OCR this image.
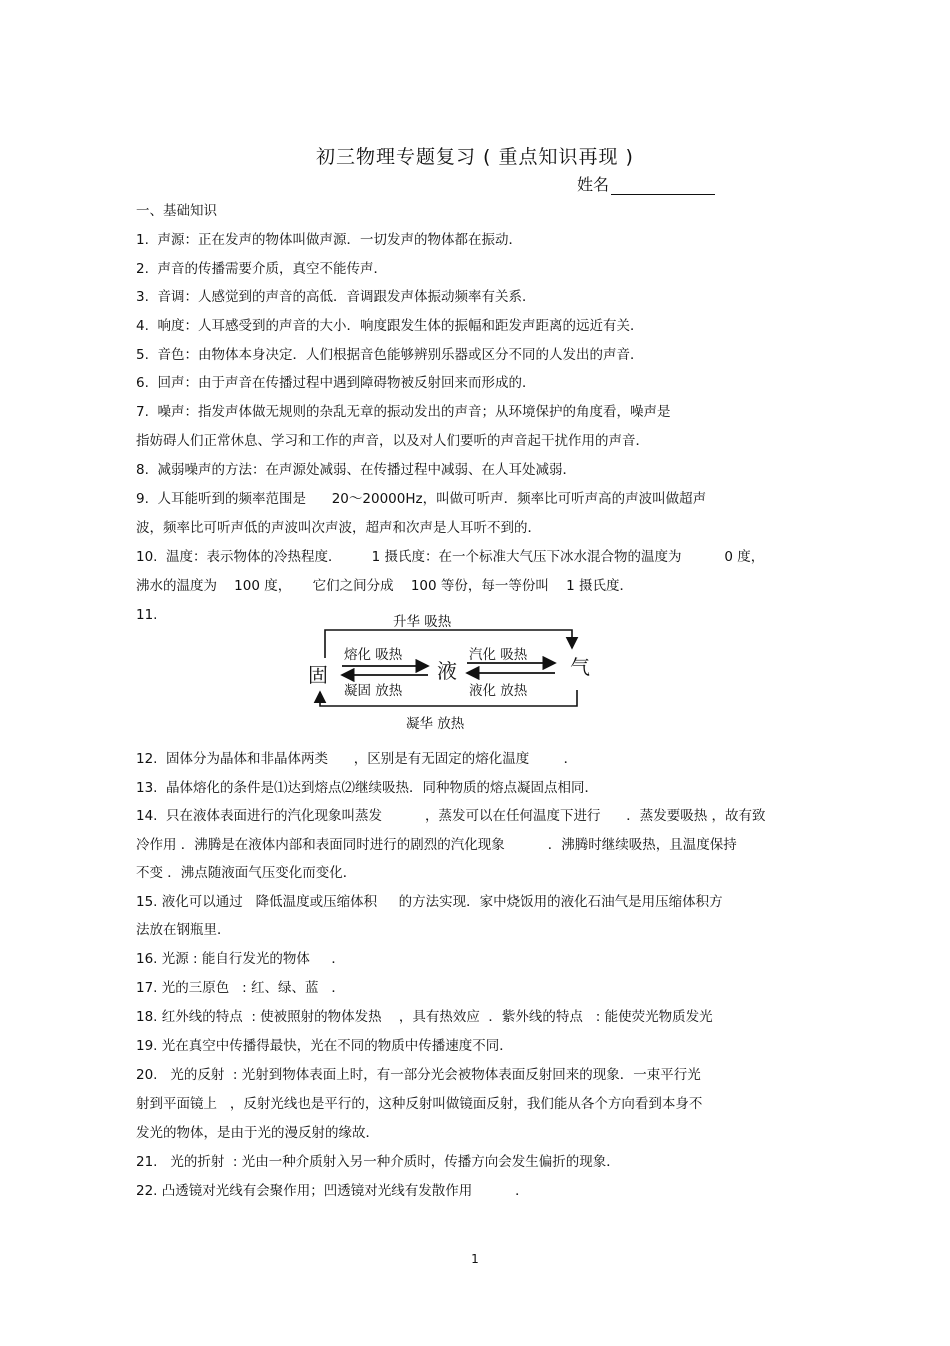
初三物理专题复习 ( 重点知识再现 )
姓名
一、基础知识
1.  声源：正在发声的物体叫做声源．一切发声的物体都在振动．
2.  声音的传播需要介质，真空不能传声．
3.  音调：人感觉到的声音的高低．音调跟发声体振动频率有关系．
4.  响度：人耳感受到的声音的大小．响度跟发生体的振幅和距发声距离的远近有关．
5.  音色：由物体本身决定．人们根据音色能够辨别乐器或区分不同的人发出的声音．
6.  回声：由于声音在传播过程中遇到障碍物被反射回来而形成的．
7.  噪声：指发声体做无规则的杂乱无章的振动发出的声音；从环境保护的角度看，噪声是
指妨碍人们正常休息、学习和工作的声音，以及对人们要听的声音起干扰作用的声音．
8.  减弱噪声的方法：在声源处减弱、在传播过程中减弱、在人耳处减弱．
9.  人耳能听到的频率范围是      20～20000Hz，叫做可听声．频率比可听声高的声波叫做超声
波，频率比可听声低的声波叫次声波，超声和次声是人耳听不到的．
10.  温度：表示物体的冷热程度．       1 摄氏度：在一个标准大气压下冰水混合物的温度为          0 度，
沸水的温度为    100 度，     它们之间分成    100 等份，每一等份叫    1 摄氏度．
11.	升华 吸热
凝华 放热
固	液	气
熔化 吸热
凝固 放热
汽化 吸热
液化 放热
12.  固体分为晶体和非晶体两类      ，区别是有无固定的熔化温度        ．
13.  晶体熔化的条件是⑴达到熔点⑵继续吸热．同种物质的熔点凝固点相同．
14.  只在液体表面进行的汽化现象叫蒸发          ，蒸发可以在任何温度下进行      ．蒸发要吸热 ，故有致
冷作用 ．沸腾是在液体内部和表面同时进行的剧烈的汽化现象          ．沸腾时继续吸热，且温度保持
不变 ．沸点随液面气压变化而变化．
15. 液化可以通过   降低温度或压缩体积     的方法实现．家中烧饭用的液化石油气是用压缩体积方
法放在钢瓶里．
16. 光源 : 能自行发光的物体     ．
17. 光的三原色   : 红、绿、蓝   ．
18. 红外线的特点  : 使被照射的物体发热    ，具有热效应  ．紫外线的特点   : 能使荧光物质发光
19. 光在真空中传播得最快，光在不同的物质中传播速度不同．
20.   光的反射  : 光射到物体表面上时，有一部分光会被物体表面反射回来的现象．一束平行光
射到平面镜上   ，反射光线也是平行的，这种反射叫做镜面反射，我们能从各个方向看到本身不
发光的物体，是由于光的漫反射的缘故．
21.   光的折射  : 光由一种介质射入另一种介质时，传播方向会发生偏折的现象．
22. 凸透镜对光线有会聚作用；凹透镜对光线有发散作用          ．
1
